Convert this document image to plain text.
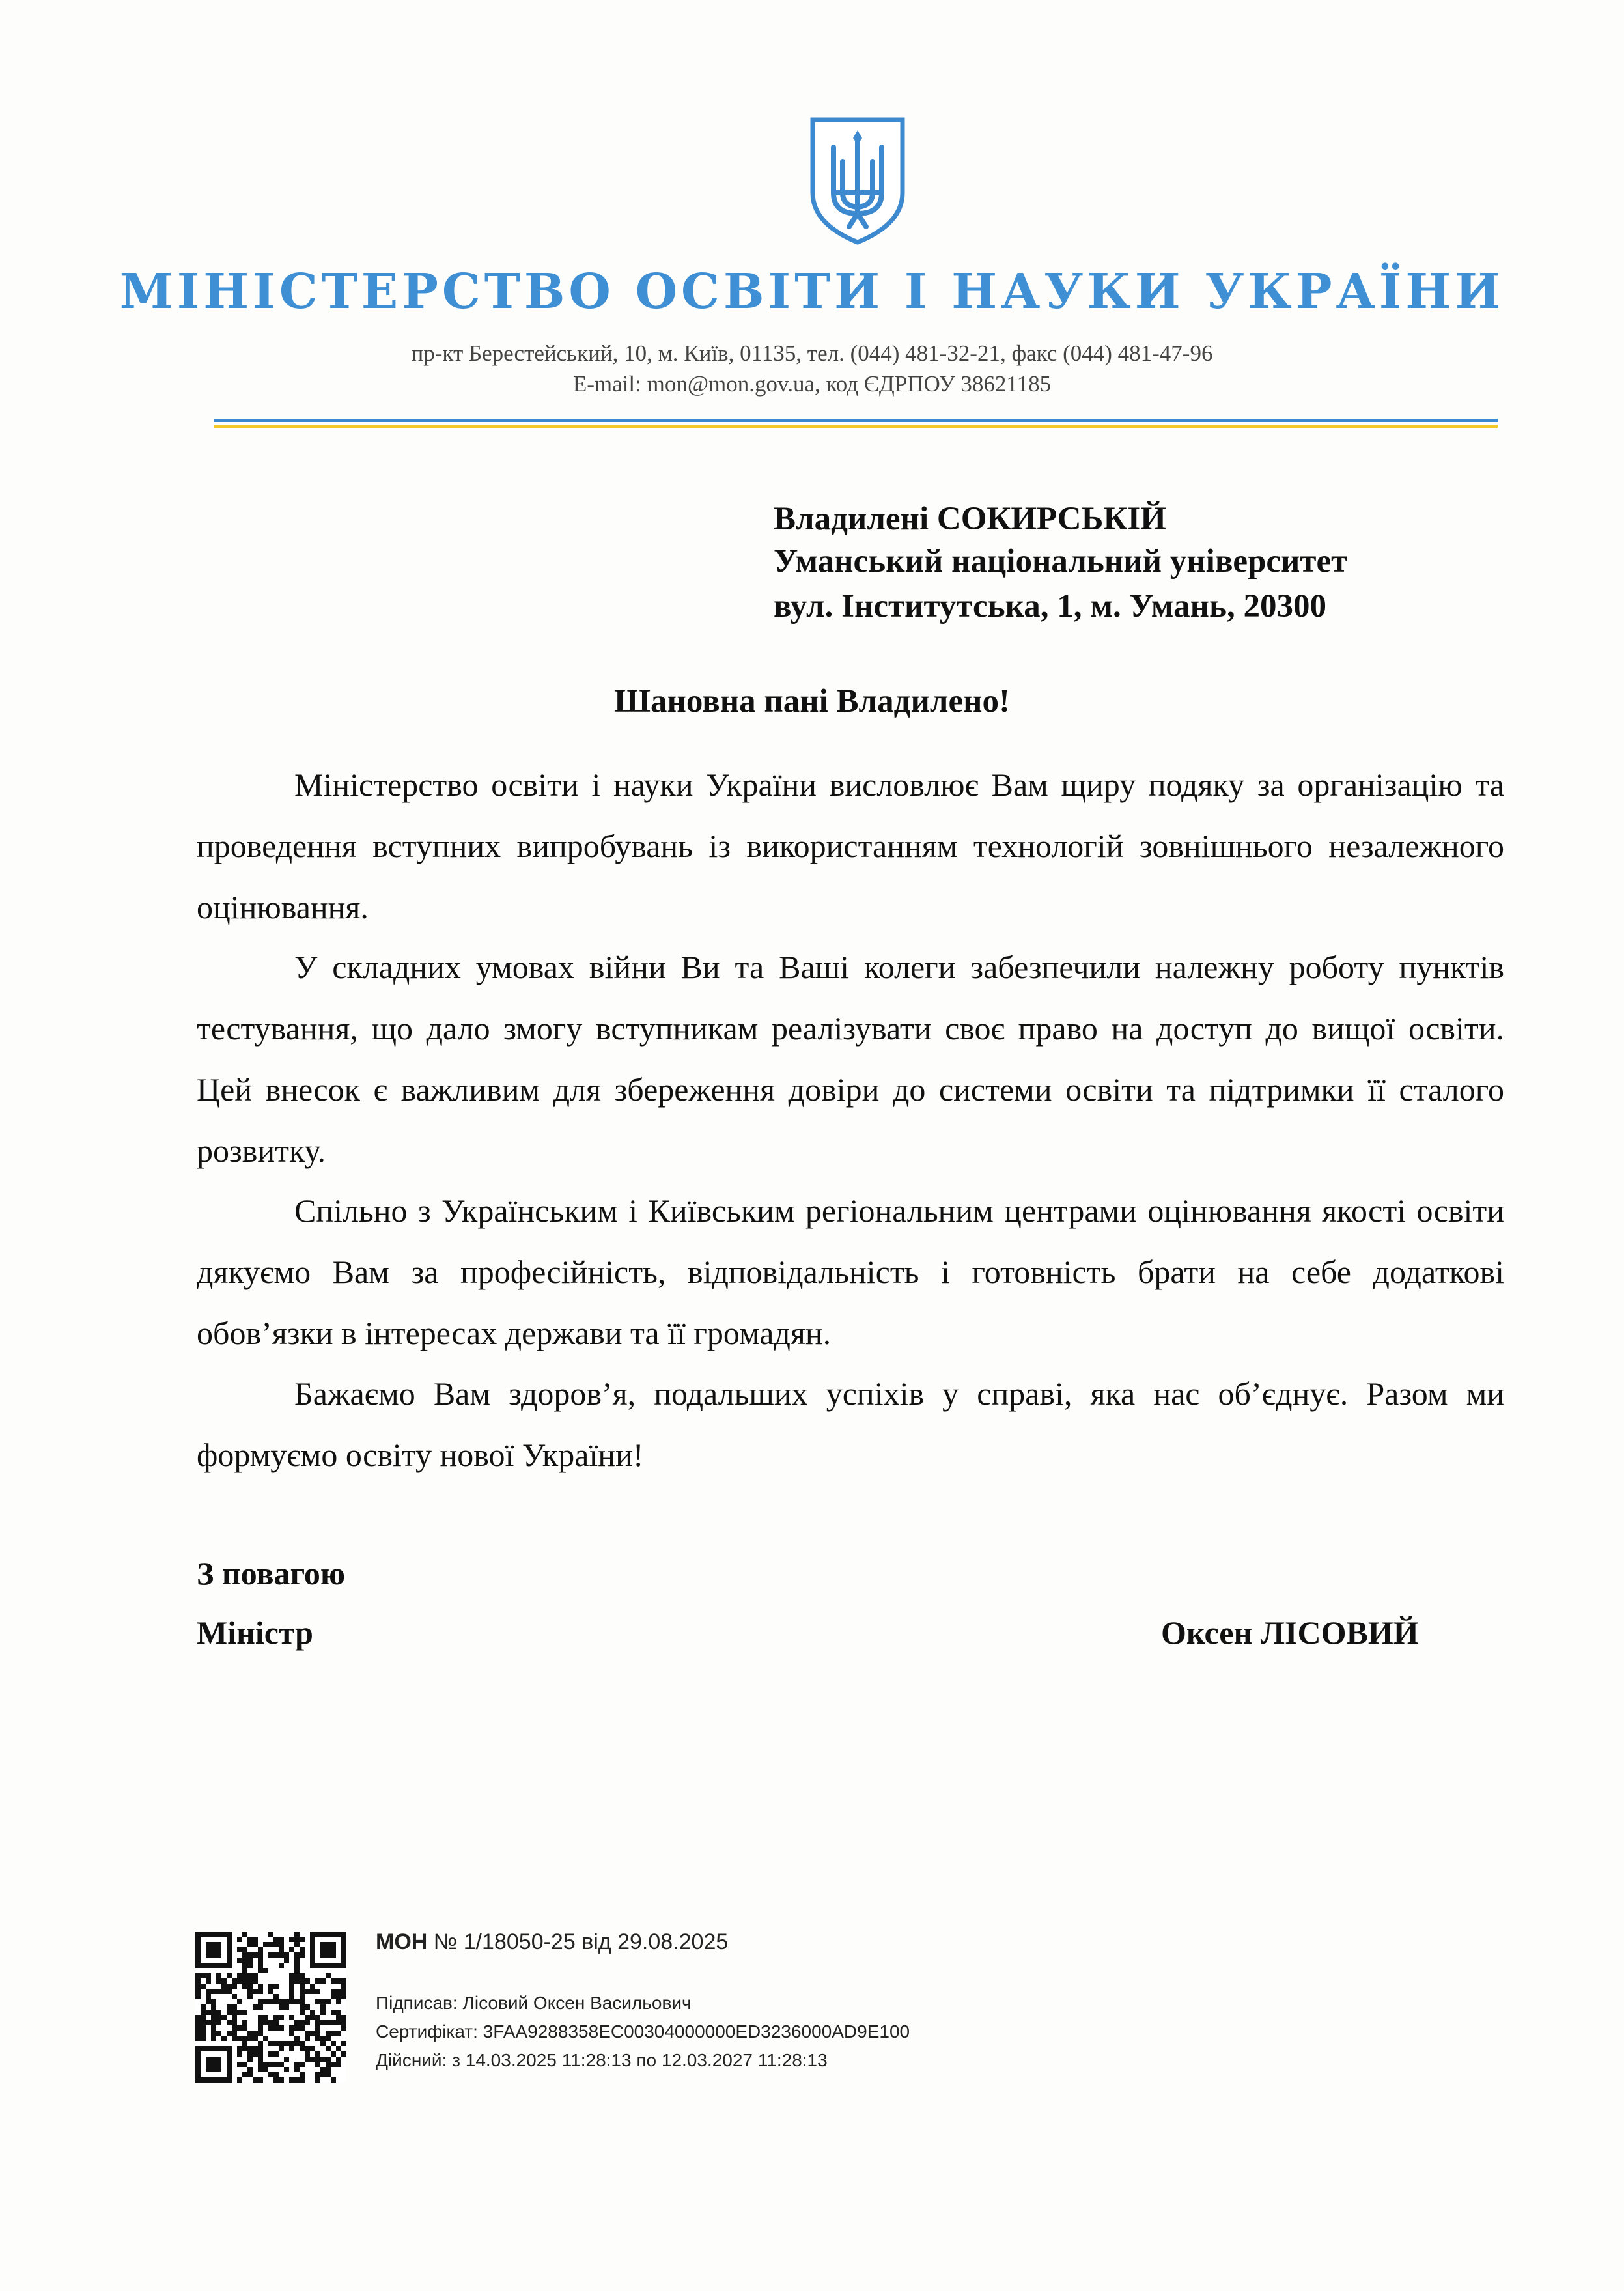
МІНІСТЕРСТВО ОСВІТИ І НАУКИ УКРАЇНИ
пр-кт Берестейський, 10, м. Київ, 01135, тел. (044) 481-32-21, факс (044) 481-47-96
E-mail: mon@mon.gov.ua, код ЄДРПОУ 38621185
Владилені СОКИРСЬКІЙ
Уманський національний університет
вул. Інститутська, 1, м. Умань, 20300
Шановна пані Владилено!
Міністерство освіти і науки України висловлює Вам щиру подяку за організацію та проведення вступних випробувань із використанням технологій зовнішнього незалежного оцінювання.
У складних умовах війни Ви та Ваші колеги забезпечили належну роботу пунктів тестування, що дало змогу вступникам реалізувати своє право на доступ до вищої освіти. Цей внесок є важливим для збереження довіри до системи освіти та підтримки її сталого розвитку.
Спільно з Українським і Київським регіональним центрами оцінювання якості освіти дякуємо Вам за професійність, відповідальність і готовність брати на себе додаткові обов’язки в інтересах держави та її громадян.
Бажаємо Вам здоров’я, подальших успіхів у справі, яка нас об’єднує. Разом ми формуємо освіту нової України!
З повагою
Міністр	Оксен ЛІСОВИЙ
МОН № 1/18050-25 від 29.08.2025
Підписав: Лісовий Оксен Васильович
Сертифікат: 3FAA9288358EC00304000000ED3236000AD9E100
Дійсний: з 14.03.2025 11:28:13 по 12.03.2027 11:28:13
